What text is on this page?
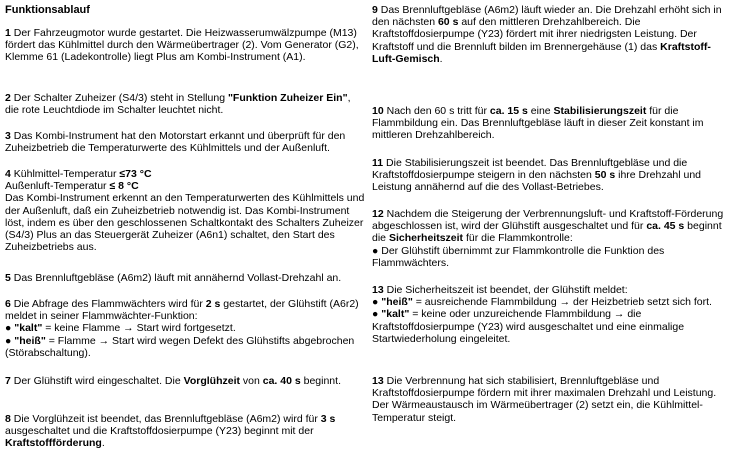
Funktionsablauf

1 Der Fahrzeugmotor wurde gestartet. Die Heizwasserumwälzpumpe (M13) fördert das Kühlmittel durch den Wärmeübertrager (2). Vom Generator (G2), Klemme 61 (Ladekontrolle) liegt Plus am Kombi-Instrument (A1).

2 Der Schalter Zuheizer (S4/3) steht in Stellung "Funktion Zuheizer Ein", die rote Leuchtdiode im Schalter leuchtet nicht.

3 Das Kombi-Instrument hat den Motorstart erkannt und überprüft für den Zuheizbetrieb die Temperaturwerte des Kühlmittels und der Außenluft.

4 Kühlmittel-Temperatur ≤73 °C
Außenluft-Temperatur ≤ 8 °C
Das Kombi-Instrument erkennt an den Temperaturwerten des Kühlmittels und der Außenluft, daß ein Zuheizbetrieb notwendig ist. Das Kombi-Instrument löst, indem es über den geschlossenen Schaltkontakt des Schalters Zuheizer (S4/3) Plus an das Steuergerät Zuheizer (A6n1) schaltet, den Start des Zuheizbetriebs aus.

5 Das Brennluftgebläse (A6m2) läuft mit annähernd Vollast-Drehzahl an.

6 Die Abfrage des Flammwächters wird für 2 s gestartet, der Glühstift (A6r2) meldet in seiner Flammwächter-Funktion:
● "kalt" = keine Flamme → Start wird fortgesetzt.
● "heiß" = Flamme → Start wird wegen Defekt des Glühstifts abgebrochen (Störabschaltung).

7 Der Glühstift wird eingeschaltet. Die Vorglühzeit von ca. 40 s beginnt.

8 Die Vorglühzeit ist beendet, das Brennluftgebläse (A6m2) wird für 3 s ausgeschaltet und die Kraftstoffdosierpumpe (Y23) beginnt mit der Kraftstoffförderung.

9 Das Brennluftgebläse (A6m2) läuft wieder an. Die Drehzahl erhöht sich in den nächsten 60 s auf den mittleren Drehzahlbereich. Die Kraftstoffdosierpumpe (Y23) fördert mit ihrer niedrigsten Leistung. Der Kraftstoff und die Brennluft bilden im Brennergehäuse (1) das Kraftstoff-Luft-Gemisch.

10 Nach den 60 s tritt für ca. 15 s eine Stabilisierungszeit für die Flammbildung ein. Das Brennluftgebläse läuft in dieser Zeit konstant im mittleren Drehzahlbereich.

11 Die Stabilisierungszeit ist beendet. Das Brennluftgebläse und die Kraftstoffdosierpumpe steigern in den nächsten 50 s ihre Drehzahl und Leistung annähernd auf die des Vollast-Betriebes.

12 Nachdem die Steigerung der Verbrennungsluft- und Kraftstoff-Förderung abgeschlossen ist, wird der Glühstift ausgeschaltet und für ca. 45 s beginnt die Sicherheitszeit für die Flammkontrolle:
● Der Glühstift übernimmt zur Flammkontrolle die Funktion des Flammwächters.

13 Die Sicherheitszeit ist beendet, der Glühstift meldet:
● "heiß" = ausreichende Flammbildung → der Heizbetrieb setzt sich fort.
● "kalt" = keine oder unzureichende Flammbildung → die Kraftstoffdosierpumpe (Y23) wird ausgeschaltet und eine einmalige Startwiederholung eingeleitet.

13 Die Verbrennung hat sich stabilisiert, Brennluftgebläse und Kraftstoffdosierpumpe fördern mit ihrer maximalen Drehzahl und Leistung. Der Wärmeaustausch im Wärmeübertrager (2) setzt ein, die Kühlmittel-Temperatur steigt.
